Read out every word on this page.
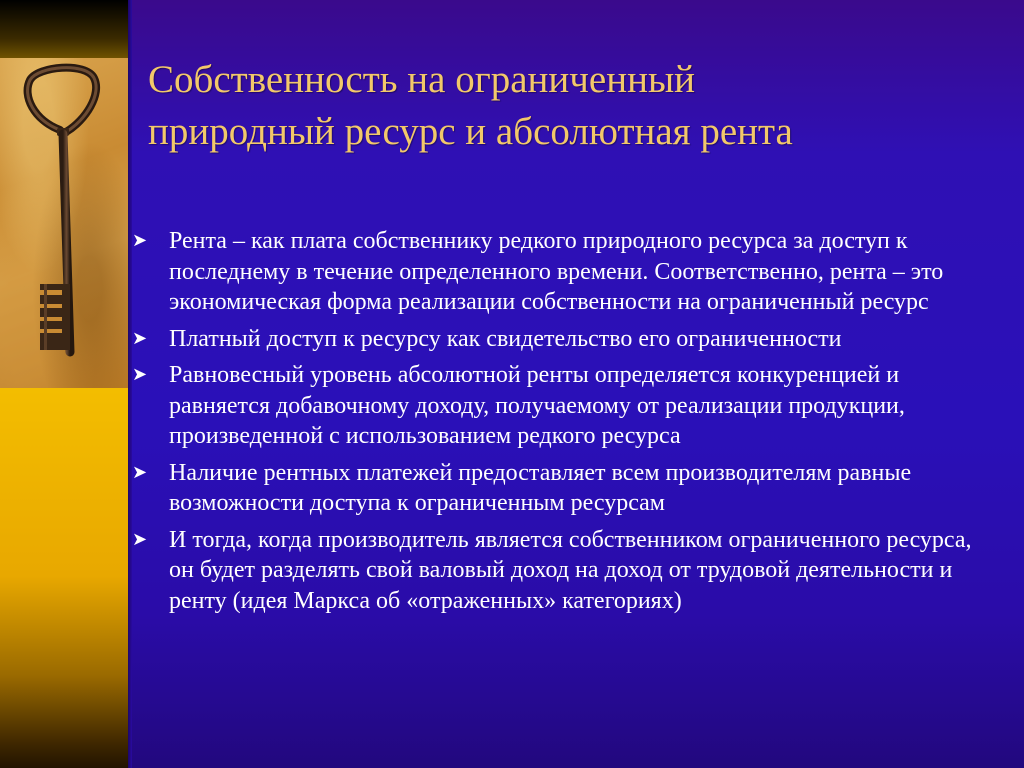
Собственность на ограниченный
природный ресурс и абсолютная рента
➤ Рента – как плата собственнику редкого природного ресурса за доступ к последнему в течение определенного времени. Соответственно, рента – это экономическая форма реализации собственности на ограниченный ресурс
➤ Платный доступ к ресурсу как свидетельство его ограниченности
➤ Равновесный уровень абсолютной ренты определяется конкуренцией и равняется добавочному доходу, получаемому от реализации продукции, произведенной с использованием редкого ресурса
➤ Наличие рентных платежей предоставляет всем производителям равные возможности доступа к ограниченным ресурсам
➤ И тогда, когда производитель является собственником ограниченного ресурса, он будет разделять свой валовый доход на доход от трудовой деятельности и ренту (идея Маркса об «отраженных» категориях)
